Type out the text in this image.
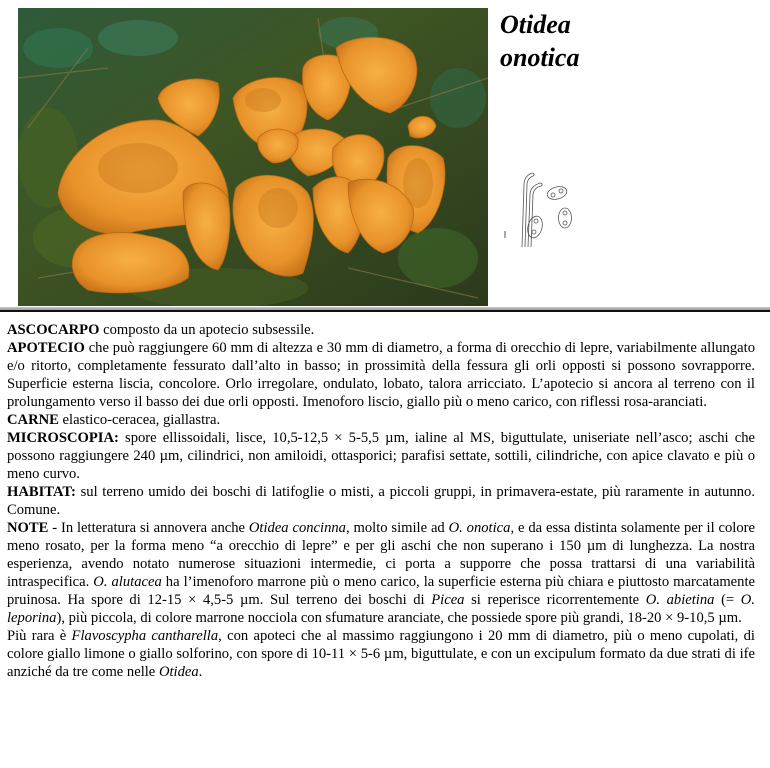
Otidea
onotica

ASCOCARPO composto da un apotecio subsessile.

APOTECIO che può raggiungere 60 mm di altezza e 30 mm di diametro, a forma di orecchio di lepre, variabilmente allungato e/o ritorto, completamente fessurato dall’alto in basso; in prossimità della fessura gli orli opposti si possono sovrapporre. Superficie esterna liscia, concolore. Orlo irregolare, ondulato, lobato, talora arricciato. L’apotecio si ancora al terreno con il prolungamento verso il basso dei due orli opposti. Imenoforo liscio, giallo più o meno carico, con riflessi rosa-aranciati.

CARNE elastico-ceracea, giallastra.

MICROSCOPIA: spore ellissoidali, lisce, 10,5-12,5 × 5-5,5 µm, ialine al MS, biguttulate, uniseriate nell’asco; aschi che possono raggiungere 240 µm, cilindrici, non amiloidi, ottasporici; parafisi settate, sottili, cilindriche, con apice clavato e più o meno curvo.

HABITAT: sul terreno umido dei boschi di latifoglie o misti, a piccoli gruppi, in primavera-estate, più raramente in autunno. Comune.

NOTE - In letteratura si annovera anche Otidea concinna, molto simile ad O. onotica, e da essa distinta solamente per il colore meno rosato, per la forma meno “a orecchio di lepre” e per gli aschi che non superano i 150 µm di lunghezza. La nostra esperienza, avendo notato numerose situazioni intermedie, ci porta a supporre che possa trattarsi di una variabilità intraspecifica. O. alutacea ha l’imenoforo marrone più o meno carico, la superficie esterna più chiara e piuttosto marcatamente pruinosa. Ha spore di 12-15 × 4,5-5 µm. Sul terreno dei boschi di Picea si reperisce ricorrentemente O. abietina (= O. leporina), più piccola, di colore marrone nocciola con sfumature aranciate, che possiede spore più grandi, 18-20 × 9-10,5 µm.

Più rara è Flavoscypha cantharella, con apoteci che al massimo raggiungono i 20 mm di diametro, più o meno cupolati, di colore giallo limone o giallo solforino, con spore di 10-11 × 5-6 µm, biguttulate, e con un excipulum formato da due strati di ife anziché da tre come nelle Otidea.
